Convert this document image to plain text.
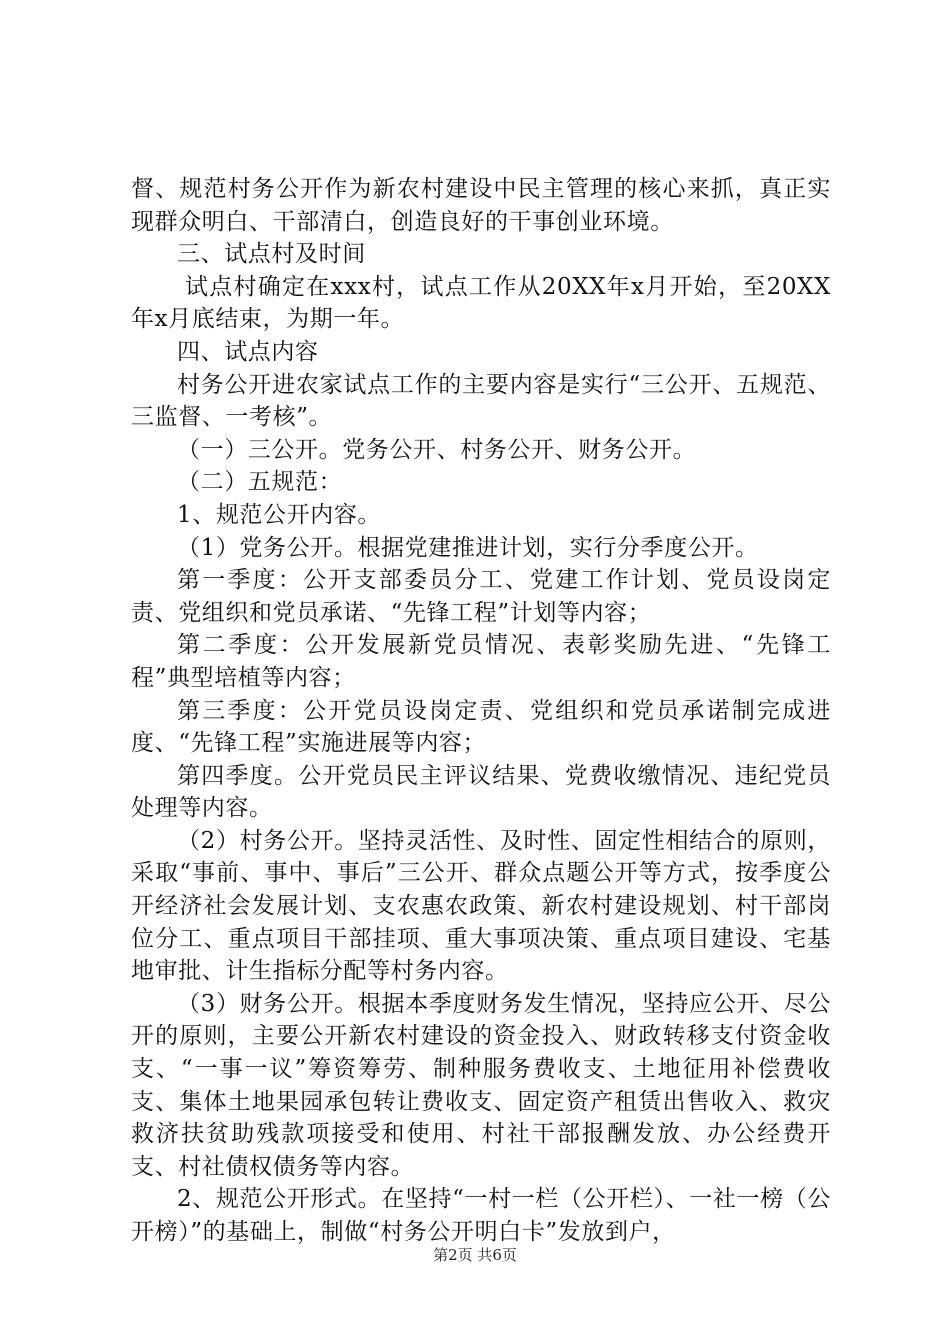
督、规范村务公开作为新农村建设中民主管理的核心来抓，真正实现群众明白、干部清白，创造良好的干事创业环境。

三、试点村及时间

试点村确定在xxx村，试点工作从20XX年x月开始，至20XX年x月底结束，为期一年。

四、试点内容

村务公开进农家试点工作的主要内容是实行“三公开、五规范、三监督、一考核”。

（一）三公开。党务公开、村务公开、财务公开。

（二）五规范：

1、规范公开内容。

（1）党务公开。根据党建推进计划，实行分季度公开。

第一季度：公开支部委员分工、党建工作计划、党员设岗定责、党组织和党员承诺、“先锋工程”计划等内容；

第二季度：公开发展新党员情况、表彰奖励先进、“先锋工程”典型培植等内容；

第三季度：公开党员设岗定责、党组织和党员承诺制完成进度、“先锋工程”实施进展等内容；

第四季度。公开党员民主评议结果、党费收缴情况、违纪党员处理等内容。

（2）村务公开。坚持灵活性、及时性、固定性相结合的原则，采取“事前、事中、事后”三公开、群众点题公开等方式，按季度公开经济社会发展计划、支农惠农政策、新农村建设规划、村干部岗位分工、重点项目干部挂项、重大事项决策、重点项目建设、宅基地审批、计生指标分配等村务内容。

（3）财务公开。根据本季度财务发生情况，坚持应公开、尽公开的原则，主要公开新农村建设的资金投入、财政转移支付资金收支、“一事一议”筹资筹劳、制种服务费收支、土地征用补偿费收支、集体土地果园承包转让费收支、固定资产租赁出售收入、救灾救济扶贫助残款项接受和使用、村社干部报酬发放、办公经费开支、村社债权债务等内容。

2、规范公开形式。在坚持“一村一栏（公开栏）、一社一榜（公开榜）”的基础上，制做“村务公开明白卡”发放到户，

第2页 共6页
